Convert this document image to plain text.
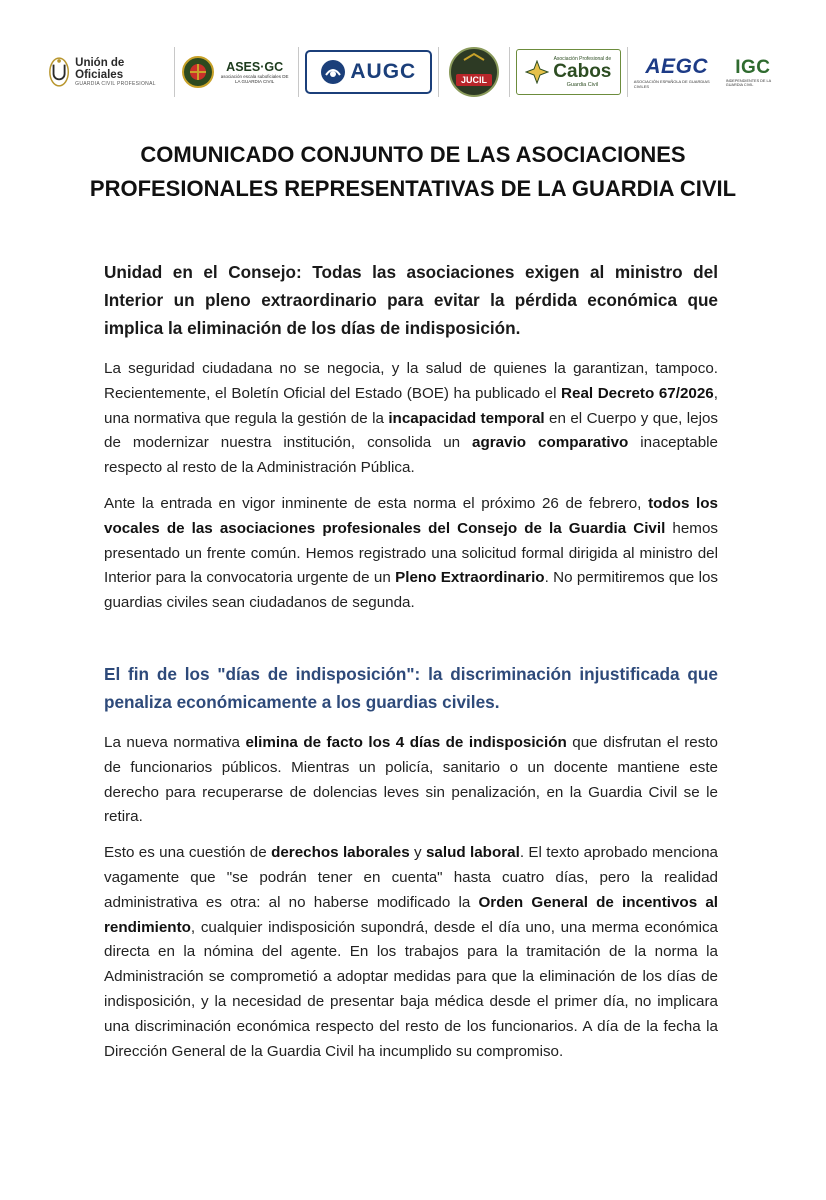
Unión de Oficiales
GUARDIA CIVIL PROFESIONAL
ASES·GC
asociación escala suboficiales DE LA GUARDIA CIVIL	AUGC	JUCIL
Asociación Profesional de
Cabos
Guardia Civil
AEGC
ASOCIACIÓN ESPAÑOLA DE GUARDIAS CIVILES
IGC
INDEPENDIENTES DE LA GUARDIA CIVIL
COMUNICADO CONJUNTO DE LAS ASOCIACIONES
PROFESIONALES REPRESENTATIVAS DE LA GUARDIA CIVIL
Unidad en el Consejo: Todas las asociaciones exigen al ministro del Interior un pleno extraordinario para evitar la pérdida económica que implica la eliminación de los días de indisposición.

La seguridad ciudadana no se negocia, y la salud de quienes la garantizan, tampoco. Recientemente, el Boletín Oficial del Estado (BOE) ha publicado el Real Decreto 67/2026, una normativa que regula la gestión de la incapacidad temporal en el Cuerpo y que, lejos de modernizar nuestra institución, consolida un agravio comparativo inaceptable respecto al resto de la Administración Pública.

Ante la entrada en vigor inminente de esta norma el próximo 26 de febrero, todos los vocales de las asociaciones profesionales del Consejo de la Guardia Civil hemos presentado un frente común. Hemos registrado una solicitud formal dirigida al ministro del Interior para la convocatoria urgente de un Pleno Extraordinario. No permitiremos que los guardias civiles sean ciudadanos de segunda.

El fin de los "días de indisposición": la discriminación injustificada que penaliza económicamente a los guardias civiles.

La nueva normativa elimina de facto los 4 días de indisposición que disfrutan el resto de funcionarios públicos. Mientras un policía, sanitario o un docente mantiene este derecho para recuperarse de dolencias leves sin penalización, en la Guardia Civil se le retira.

Esto es una cuestión de derechos laborales y salud laboral. El texto aprobado menciona vagamente que "se podrán tener en cuenta" hasta cuatro días, pero la realidad administrativa es otra: al no haberse modificado la Orden General de incentivos al rendimiento, cualquier indisposición supondrá, desde el día uno, una merma económica directa en la nómina del agente. En los trabajos para la tramitación de la norma la Administración se comprometió a adoptar medidas para que la eliminación de los días de indisposición, y la necesidad de presentar baja médica desde el primer día, no implicara una discriminación económica respecto del resto de los funcionarios. A día de la fecha la Dirección General de la Guardia Civil ha incumplido su compromiso.
